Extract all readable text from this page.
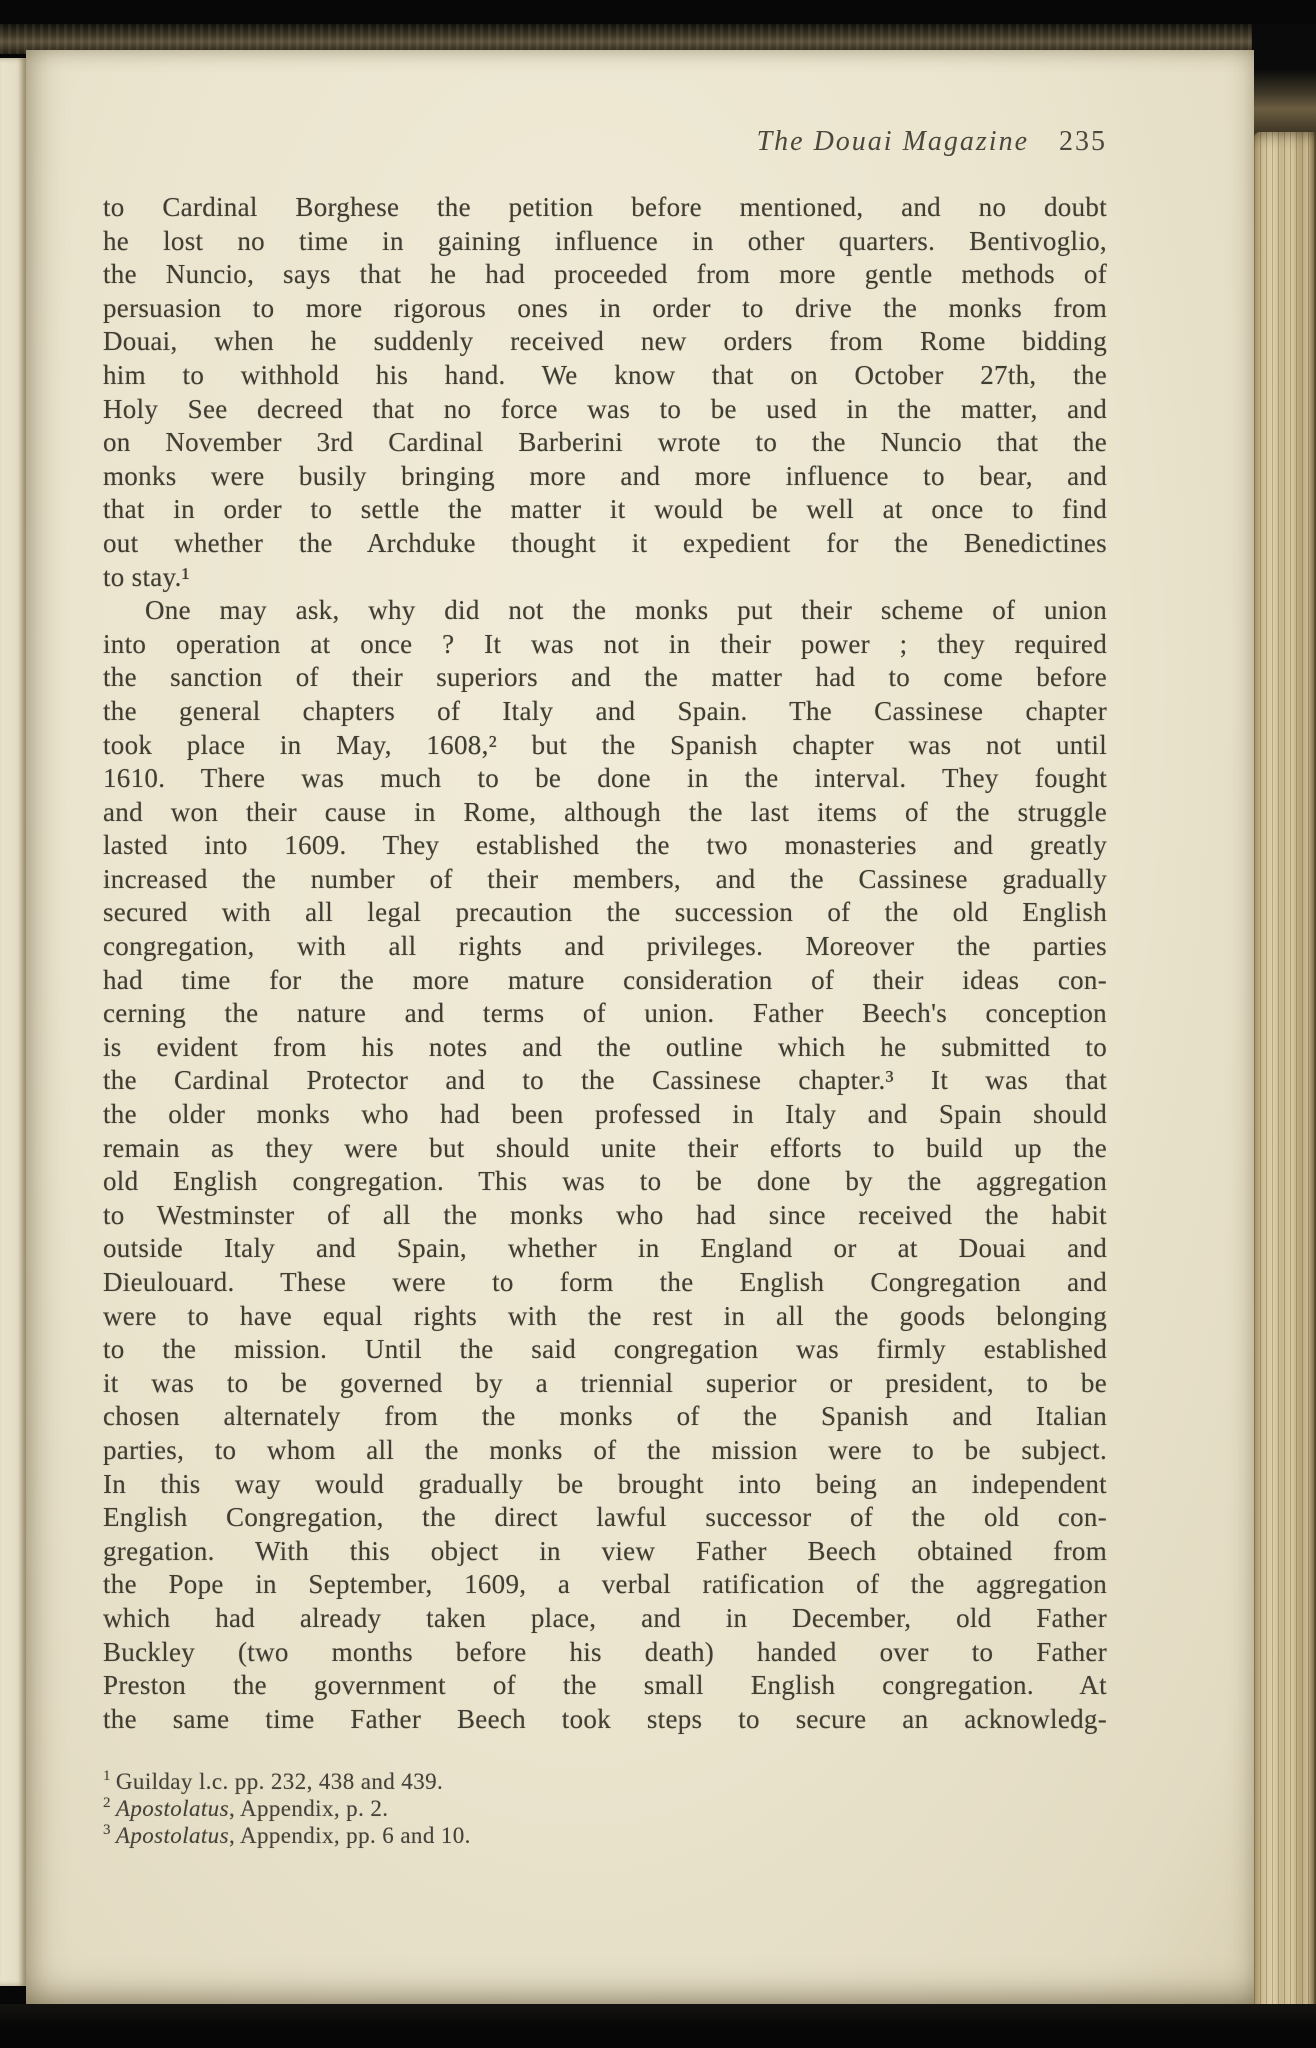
The Douai Magazine 235
to Cardinal Borghese the petition before mentioned, and no doubt
he lost no time in gaining influence in other quarters. Bentivoglio,
the Nuncio, says that he had proceeded from more gentle methods of
persuasion to more rigorous ones in order to drive the monks from
Douai, when he suddenly received new orders from Rome bidding
him to withhold his hand. We know that on October 27th, the
Holy See decreed that no force was to be used in the matter, and
on November 3rd Cardinal Barberini wrote to the Nuncio that the
monks were busily bringing more and more influence to bear, and
that in order to settle the matter it would be well at once to find
out whether the Archduke thought it expedient for the Benedictines
to stay.¹
One may ask, why did not the monks put their scheme of union
into operation at once ? It was not in their power ; they required
the sanction of their superiors and the matter had to come before
the general chapters of Italy and Spain. The Cassinese chapter
took place in May, 1608,² but the Spanish chapter was not until
1610. There was much to be done in the interval. They fought
and won their cause in Rome, although the last items of the struggle
lasted into 1609. They established the two monasteries and greatly
increased the number of their members, and the Cassinese gradually
secured with all legal precaution the succession of the old English
congregation, with all rights and privileges. Moreover the parties
had time for the more mature consideration of their ideas con-
cerning the nature and terms of union. Father Beech's conception
is evident from his notes and the outline which he submitted to
the Cardinal Protector and to the Cassinese chapter.³ It was that
the older monks who had been professed in Italy and Spain should
remain as they were but should unite their efforts to build up the
old English congregation. This was to be done by the aggregation
to Westminster of all the monks who had since received the habit
outside Italy and Spain, whether in England or at Douai and
Dieulouard. These were to form the English Congregation and
were to have equal rights with the rest in all the goods belonging
to the mission. Until the said congregation was firmly established
it was to be governed by a triennial superior or president, to be
chosen alternately from the monks of the Spanish and Italian
parties, to whom all the monks of the mission were to be subject.
In this way would gradually be brought into being an independent
English Congregation, the direct lawful successor of the old con-
gregation. With this object in view Father Beech obtained from
the Pope in September, 1609, a verbal ratification of the aggregation
which had already taken place, and in December, old Father
Buckley (two months before his death) handed over to Father
Preston the government of the small English congregation. At
the same time Father Beech took steps to secure an acknowledg-
$^1$ Guilday l.c. pp. 232, 438 and 439.
$^2$ Apostolatus, Appendix, p. 2.
$^3$ Apostolatus, Appendix, pp. 6 and 10.
